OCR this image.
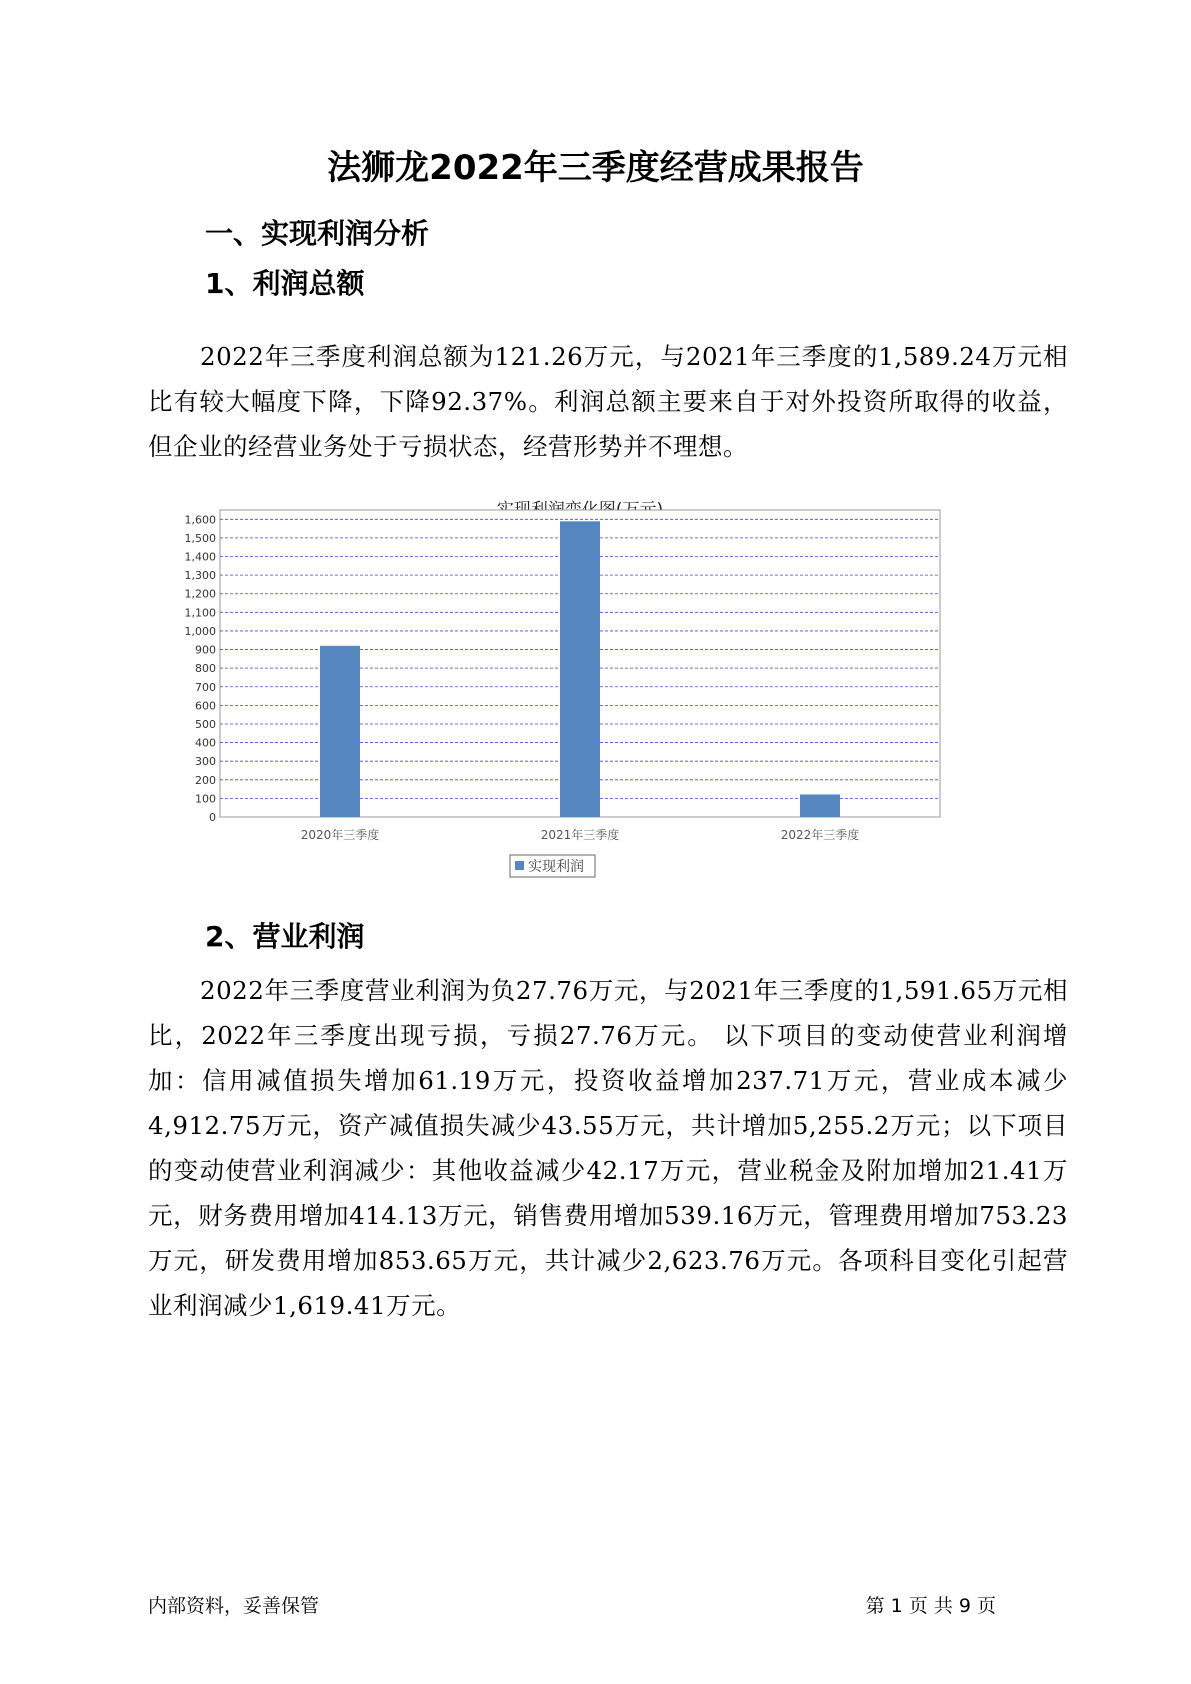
法狮龙2022年三季度经营成果报告
一、实现利润分析
1、利润总额

2022年三季度利润总额为121.26万元，与2021年三季度的1,589.24万元相比有较大幅度下降，下降92.37%。利润总额主要来自于对外投资所取得的收益，但企业的经营业务处于亏损状态，经营形势并不理想。

0
100
200
300
400
500
600
700
800
900
1,000
1,100
1,200
1,300
1,400
1,500
1,600
2020年三季度	2021年三季度	2022年三季度
实现利润
2、营业利润

2022年三季度营业利润为负27.76万元，与2021年三季度的1,591.65万元相比，2022年三季度出现亏损，亏损27.76万元。 以下项目的变动使营业利润增加：信用减值损失增加61.19万元，投资收益增加237.71万元，营业成本减少4,912.75万元，资产减值损失减少43.55万元，共计增加5,255.2万元；以下项目的变动使营业利润减少：其他收益减少42.17万元，营业税金及附加增加21.41万元，财务费用增加414.13万元，销售费用增加539.16万元，管理费用增加753.23万元，研发费用增加853.65万元，共计减少2,623.76万元。各项科目变化引起营业利润减少1,619.41万元。

内部资料，妥善保管	第 1 页 共 9 页
